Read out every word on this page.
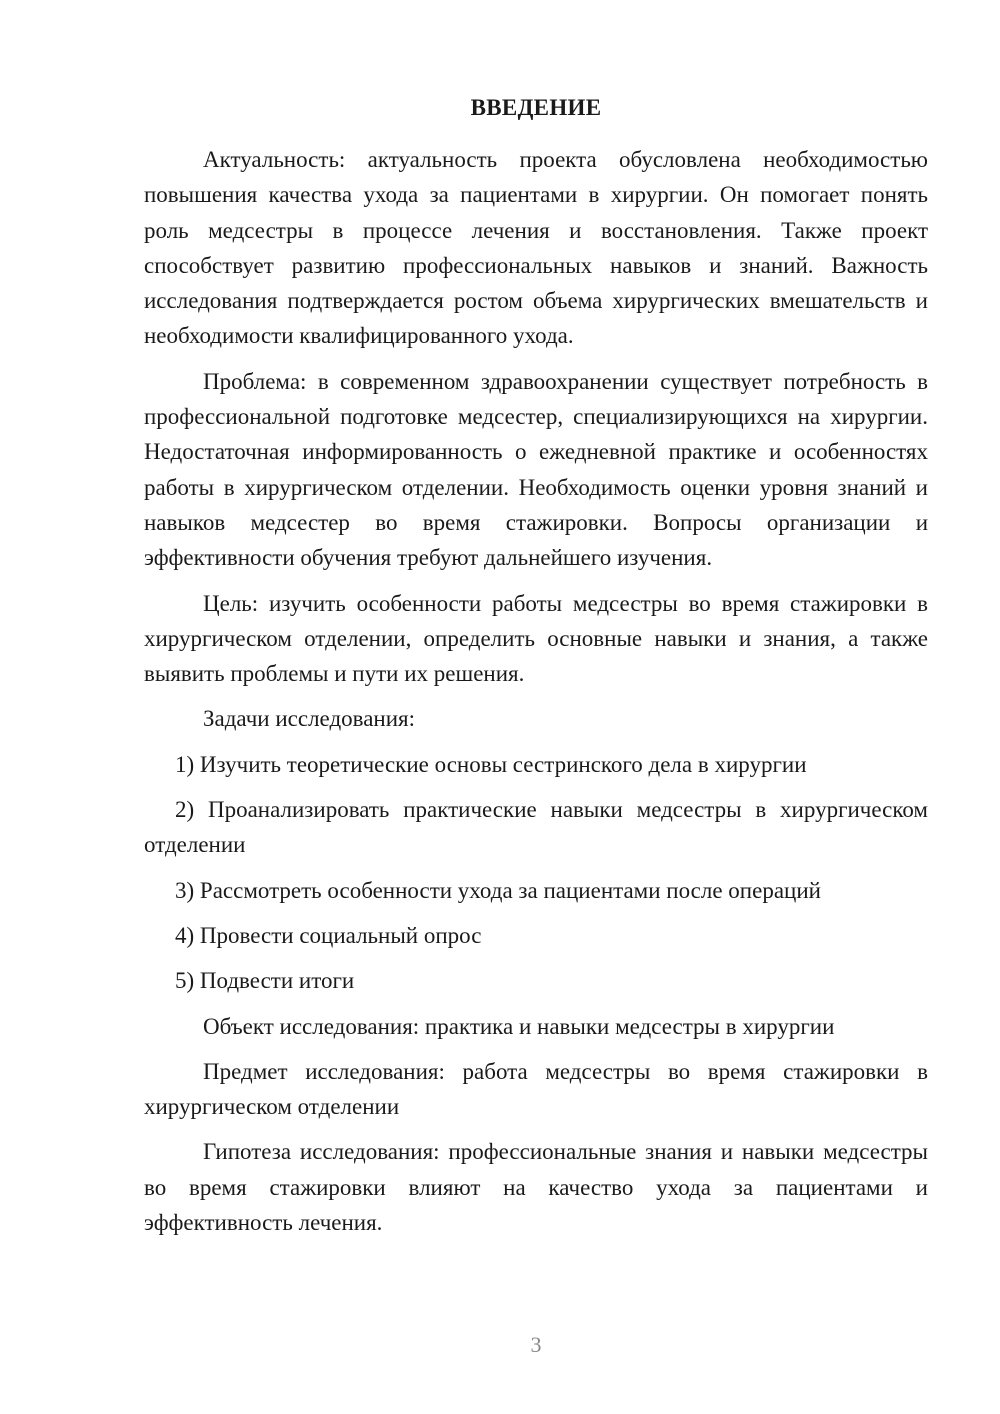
ВВЕДЕНИЕ

Актуальность: актуальность проекта обусловлена необходимостью повышения качества ухода за пациентами в хирургии. Он помогает понять роль медсестры в процессе лечения и восстановления. Также проект способствует развитию профессиональных навыков и знаний. Важность исследования подтверждается ростом объема хирургических вмешательств и необходимости квалифицированного ухода.

Проблема: в современном здравоохранении существует потребность в профессиональной подготовке медсестер, специализирующихся на хирургии. Недостаточная информированность о ежедневной практике и особенностях работы в хирургическом отделении. Необходимость оценки уровня знаний и навыков медсестер во время стажировки. Вопросы организации и эффективности обучения требуют дальнейшего изучения.

Цель: изучить особенности работы медсестры во время стажировки в хирургическом отделении, определить основные навыки и знания, а также выявить проблемы и пути их решения.

Задачи исследования:

1) Изучить теоретические основы сестринского дела в хирургии

2) Проанализировать практические навыки медсестры в хирургическом отделении

3) Рассмотреть особенности ухода за пациентами после операций

4) Провести социальный опрос

5) Подвести итоги

Объект исследования: практика и навыки медсестры в хирургии

Предмет исследования: работа медсестры во время стажировки в хирургическом отделении

Гипотеза исследования: профессиональные знания и навыки медсестры во время стажировки влияют на качество ухода за пациентами и эффективность лечения.

3
